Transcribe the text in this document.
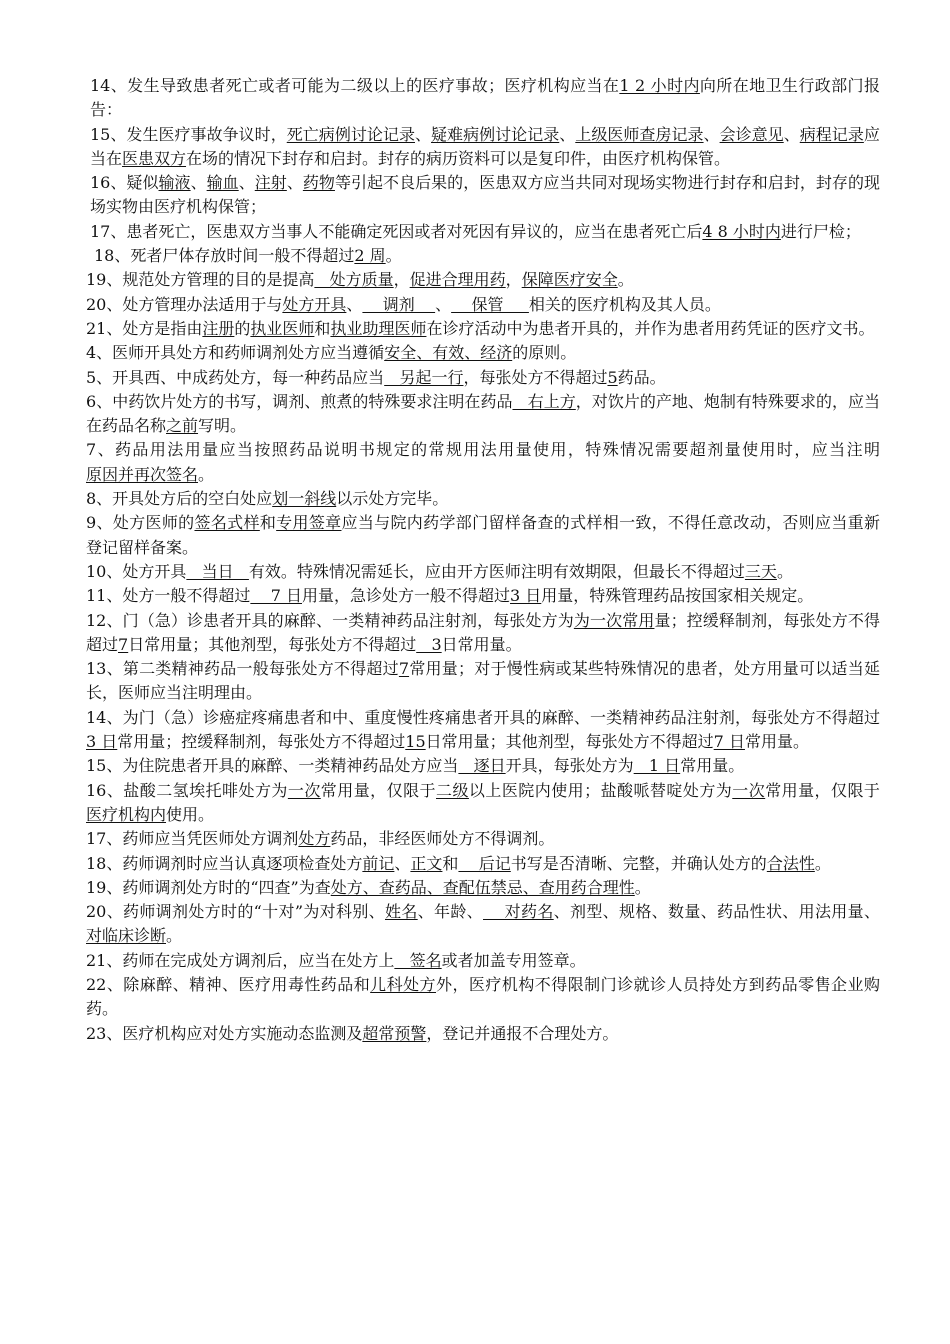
14、发生导致患者死亡或者可能为二级以上的医疗事故；医疗机构应当在1 2 小时内向所在地卫生行政部门报告：

15、发生医疗事故争议时，死亡病例讨论记录、疑难病例讨论记录、上级医师查房记录、会诊意见、病程记录应当在医患双方在场的情况下封存和启封。封存的病历资料可以是复印件，由医疗机构保管。

16、疑似输液、输血、注射、药物等引起不良后果的，医患双方应当共同对现场实物进行封存和启封，封存的现场实物由医疗机构保管；

17、患者死亡，医患双方当事人不能确定死因或者对死因有异议的，应当在患者死亡后4 8 小时内进行尸检；

18、死者尸体存放时间一般不得超过2 周。

19、规范处方管理的目的是提高   处方质量，促进合理用药，保障医疗安全。

20、处方管理办法适用于与处方开具、    调剂    、    保管     相关的医疗机构及其人员。

21、处方是指由注册的执业医师和执业助理医师在诊疗活动中为患者开具的，并作为患者用药凭证的医疗文书。

4、医师开具处方和药师调剂处方应当遵循安全、有效、经济的原则。

5、开具西、中成药处方，每一种药品应当   另起一行，每张处方不得超过5药品。

6、中药饮片处方的书写，调剂、煎煮的特殊要求注明在药品   右上方，对饮片的产地、炮制有特殊要求的，应当在药品名称之前写明。

7、药品用法用量应当按照药品说明书规定的常规用法用量使用，特殊情况需要超剂量使用时，应当注明原因并再次签名。

8、开具处方后的空白处应划一斜线以示处方完毕。

9、处方医师的签名式样和专用签章应当与院内药学部门留样备查的式样相一致，不得任意改动，否则应当重新登记留样备案。

10、处方开具   当日   有效。特殊情况需延长，应由开方医师注明有效期限，但最长不得超过三天。

11、处方一般不得超过    7 日用量，急诊处方一般不得超过3 日用量，特殊管理药品按国家相关规定。

12、门（急）诊患者开具的麻醉、一类精神药品注射剂，每张处方为为一次常用量；控缓释制剂，每张处方不得超过7日常用量；其他剂型，每张处方不得超过   3日常用量。

13、第二类精神药品一般每张处方不得超过7常用量；对于慢性病或某些特殊情况的患者，处方用量可以适当延长，医师应当注明理由。

14、为门（急）诊癌症疼痛患者和中、重度慢性疼痛患者开具的麻醉、一类精神药品注射剂，每张处方不得超过3 日常用量；控缓释制剂，每张处方不得超过15日常用量；其他剂型，每张处方不得超过7 日常用量。

15、为住院患者开具的麻醉、一类精神药品处方应当   逐日开具，每张处方为   1 日常用量。

16、盐酸二氢埃托啡处方为一次常用量，仅限于二级以上医院内使用；盐酸哌替啶处方为一次常用量，仅限于医疗机构内使用。

17、药师应当凭医师处方调剂处方药品，非经医师处方不得调剂。

18、药师调剂时应当认真逐项检查处方前记、正文和    后记书写是否清晰、完整，并确认处方的合法性。

19、药师调剂处方时的“四查”为查处方、查药品、查配伍禁忌、查用药合理性。

20、药师调剂处方时的“十对”为对科别、姓名、年龄、    对药名、剂型、规格、数量、药品性状、用法用量、对临床诊断。

21、药师在完成处方调剂后，应当在处方上   签名或者加盖专用签章。

22、除麻醉、精神、医疗用毒性药品和儿科处方外，医疗机构不得限制门诊就诊人员持处方到药品零售企业购药。

23、医疗机构应对处方实施动态监测及超常预警，登记并通报不合理处方。
